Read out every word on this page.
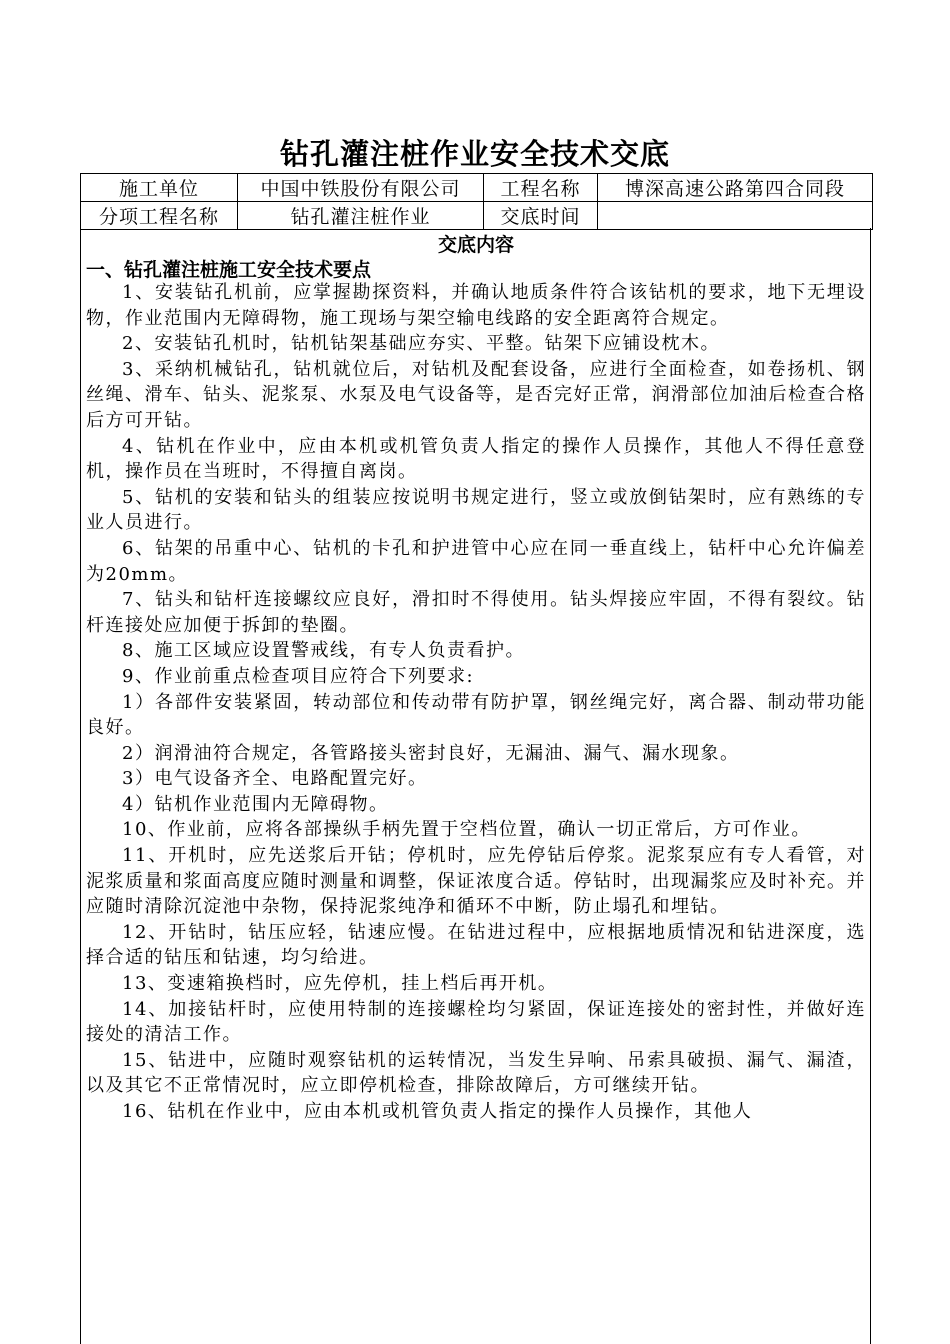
钻孔灌注桩作业安全技术交底
施工单位	中国中铁股份有限公司	工程名称	博深高速公路第四合同段
分项工程名称	钻孔灌注桩作业	交底时间	
交底内容
一、钻孔灌注桩施工安全技术要点

1、安装钻孔机前，应掌握勘探资料，并确认地质条件符合该钻机的要求，地下无埋设物，作业范围内无障碍物，施工现场与架空输电线路的安全距离符合规定。

2、安装钻孔机时，钻机钻架基础应夯实、平整。钻架下应铺设枕木。

3、采纳机械钻孔，钻机就位后，对钻机及配套设备，应进行全面检查，如卷扬机、钢丝绳、滑车、钻头、泥浆泵、水泵及电气设备等，是否完好正常，润滑部位加油后检查合格后方可开钻。

4、钻机在作业中，应由本机或机管负责人指定的操作人员操作，其他人不得任意登机，操作员在当班时，不得擅自离岗。

5、钻机的安装和钻头的组装应按说明书规定进行，竖立或放倒钻架时，应有熟练的专业人员进行。

6、钻架的吊重中心、钻机的卡孔和护进管中心应在同一垂直线上，钻杆中心允许偏差为20mm。

7、钻头和钻杆连接螺纹应良好，滑扣时不得使用。钻头焊接应牢固，不得有裂纹。钻杆连接处应加便于拆卸的垫圈。

8、施工区域应设置警戒线，有专人负责看护。

9、作业前重点检查项目应符合下列要求:

1）各部件安装紧固，转动部位和传动带有防护罩，钢丝绳完好，离合器、制动带功能良好。

2）润滑油符合规定，各管路接头密封良好，无漏油、漏气、漏水现象。

3）电气设备齐全、电路配置完好。

4）钻机作业范围内无障碍物。

10、作业前，应将各部操纵手柄先置于空档位置，确认一切正常后，方可作业。

11、开机时，应先送浆后开钻；停机时，应先停钻后停浆。泥浆泵应有专人看管，对泥浆质量和浆面高度应随时测量和调整，保证浓度合适。停钻时，出现漏浆应及时补充。并应随时清除沉淀池中杂物，保持泥浆纯净和循环不中断，防止塌孔和埋钻。

12、开钻时，钻压应轻，钻速应慢。在钻进过程中，应根据地质情况和钻进深度，选择合适的钻压和钻速，均匀给进。

13、变速箱换档时，应先停机，挂上档后再开机。

14、加接钻杆时，应使用特制的连接螺栓均匀紧固，保证连接处的密封性，并做好连接处的清洁工作。

15、钻进中，应随时观察钻机的运转情况，当发生异响、吊索具破损、漏气、漏渣，以及其它不正常情况时，应立即停机检查，排除故障后，方可继续开钻。

16、钻机在作业中，应由本机或机管负责人指定的操作人员操作，其他人
